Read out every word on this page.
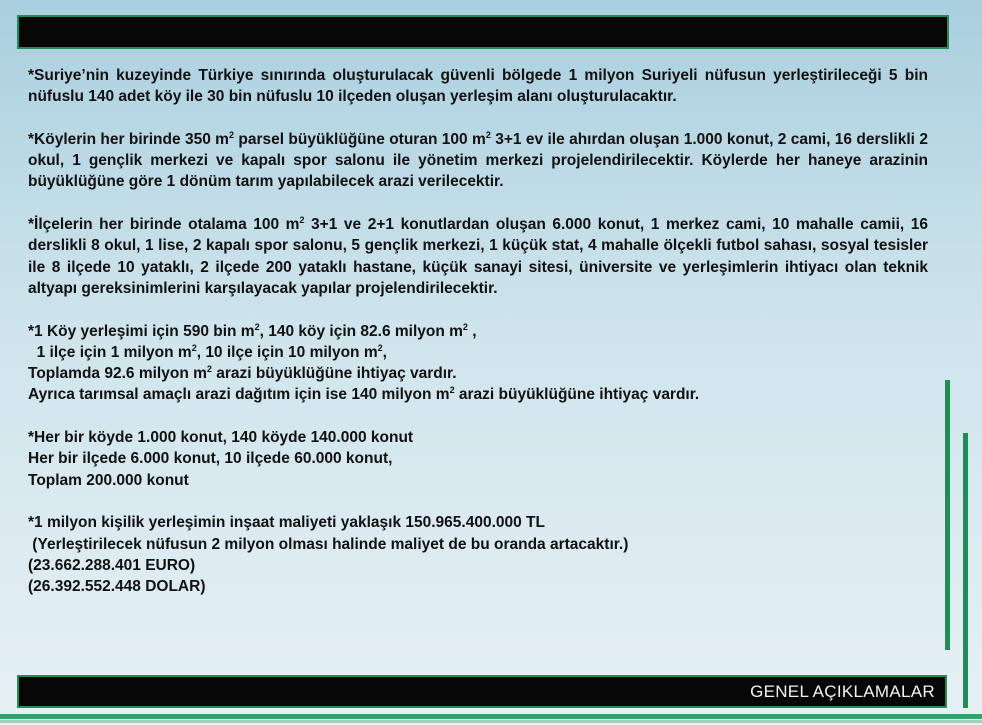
*Suriye’nin kuzeyinde Türkiye sınırında oluşturulacak güvenli bölgede 1 milyon Suriyeli nüfusun yerleştirileceği 5 bin nüfuslu 140 adet köy ile 30 bin nüfuslu 10 ilçeden oluşan yerleşim alanı oluşturulacaktır.

*Köylerin her birinde 350 $m^2$ parsel büyüklüğüne oturan 100 $m^2$ 3+1 ev ile ahırdan oluşan 1.000 konut, 2 cami, 16 derslikli 2 okul, 1 gençlik merkezi ve kapalı spor salonu ile yönetim merkezi projelendirilecektir. Köylerde her haneye arazinin büyüklüğüne göre 1 dönüm tarım yapılabilecek arazi verilecektir.

*İlçelerin her birinde otalama 100 $m^2$ 3+1 ve 2+1 konutlardan oluşan 6.000 konut, 1 merkez cami, 10 mahalle camii, 16 derslikli 8 okul, 1 lise, 2 kapalı spor salonu, 5 gençlik merkezi, 1 küçük stat, 4 mahalle ölçekli futbol sahası, sosyal tesisler ile 8 ilçede 10 yataklı, 2 ilçede 200 yataklı hastane, küçük sanayi sitesi, üniversite ve yerleşimlerin ihtiyacı olan teknik altyapı gereksinimlerini karşılayacak yapılar projelendirilecektir.

*1 Köy yerleşimi için 590 bin $m^2$, 140 köy için 82.6 milyon $m^2$ ,
1 ilçe için 1 milyon $m^2$, 10 ilçe için 10 milyon $m^2$,
Toplamda 92.6 milyon $m^2$ arazi büyüklüğüne ihtiyaç vardır.
Ayrıca tarımsal amaçlı arazi dağıtım için ise 140 milyon $m^2$ arazi büyüklüğüne ihtiyaç vardır.

*Her bir köyde 1.000 konut, 140 köyde 140.000 konut
Her bir ilçede 6.000 konut, 10 ilçede 60.000 konut,
Toplam 200.000 konut

*1 milyon kişilik yerleşimin inşaat maliyeti yaklaşık 150.965.400.000 TL
(Yerleştirilecek nüfusun 2 milyon olması halinde maliyet de bu oranda artacaktır.)
(23.662.288.401 EURO)
(26.392.552.448 DOLAR)

GENEL AÇIKLAMALAR
